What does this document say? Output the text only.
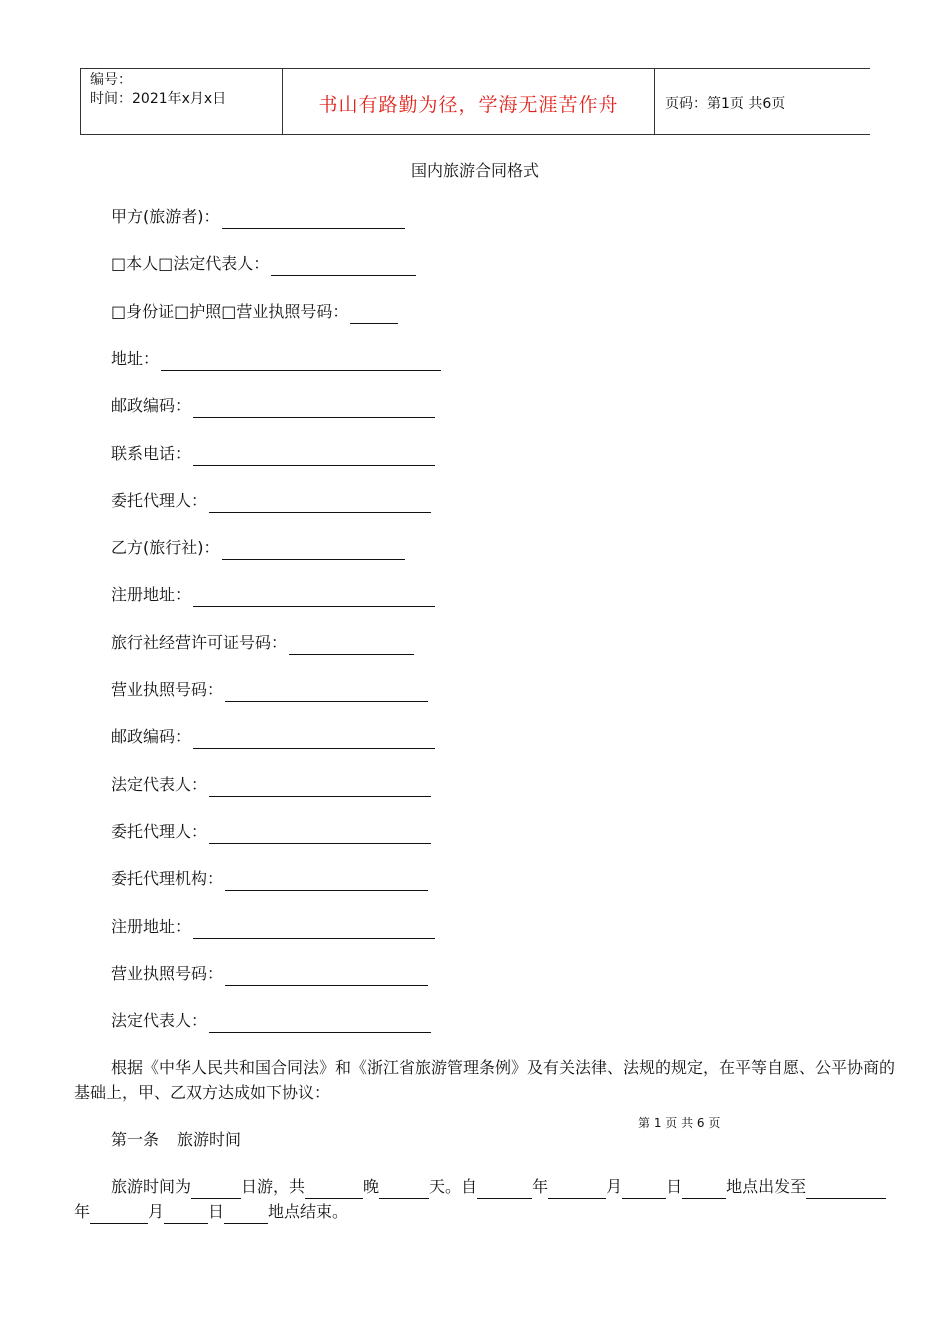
编号：
时间：2021年x月x日	书山有路勤为径，学海无涯苦作舟	页码：第1页 共6页
国内旅游合同格式
甲方(旅游者)：
□本人□法定代表人：
□身份证□护照□营业执照号码：
地址：
邮政编码：
联系电话：
委托代理人：
乙方(旅行社)：
注册地址：
旅行社经营许可证号码：
营业执照号码：
邮政编码：
法定代表人：
委托代理人：
委托代理机构：
注册地址：
营业执照号码：
法定代表人：
根据《中华人民共和国合同法》和《浙江省旅游管理条例》及有关法律、法规的规定，在平等自愿、公平协商的基础上，甲、乙双方达成如下协议：
第 1 页 共 6 页
第一条 旅游时间
旅游时间为	日游，共	晚	天。自	年	月	日	地点出发至年	月	日	地点结束。
